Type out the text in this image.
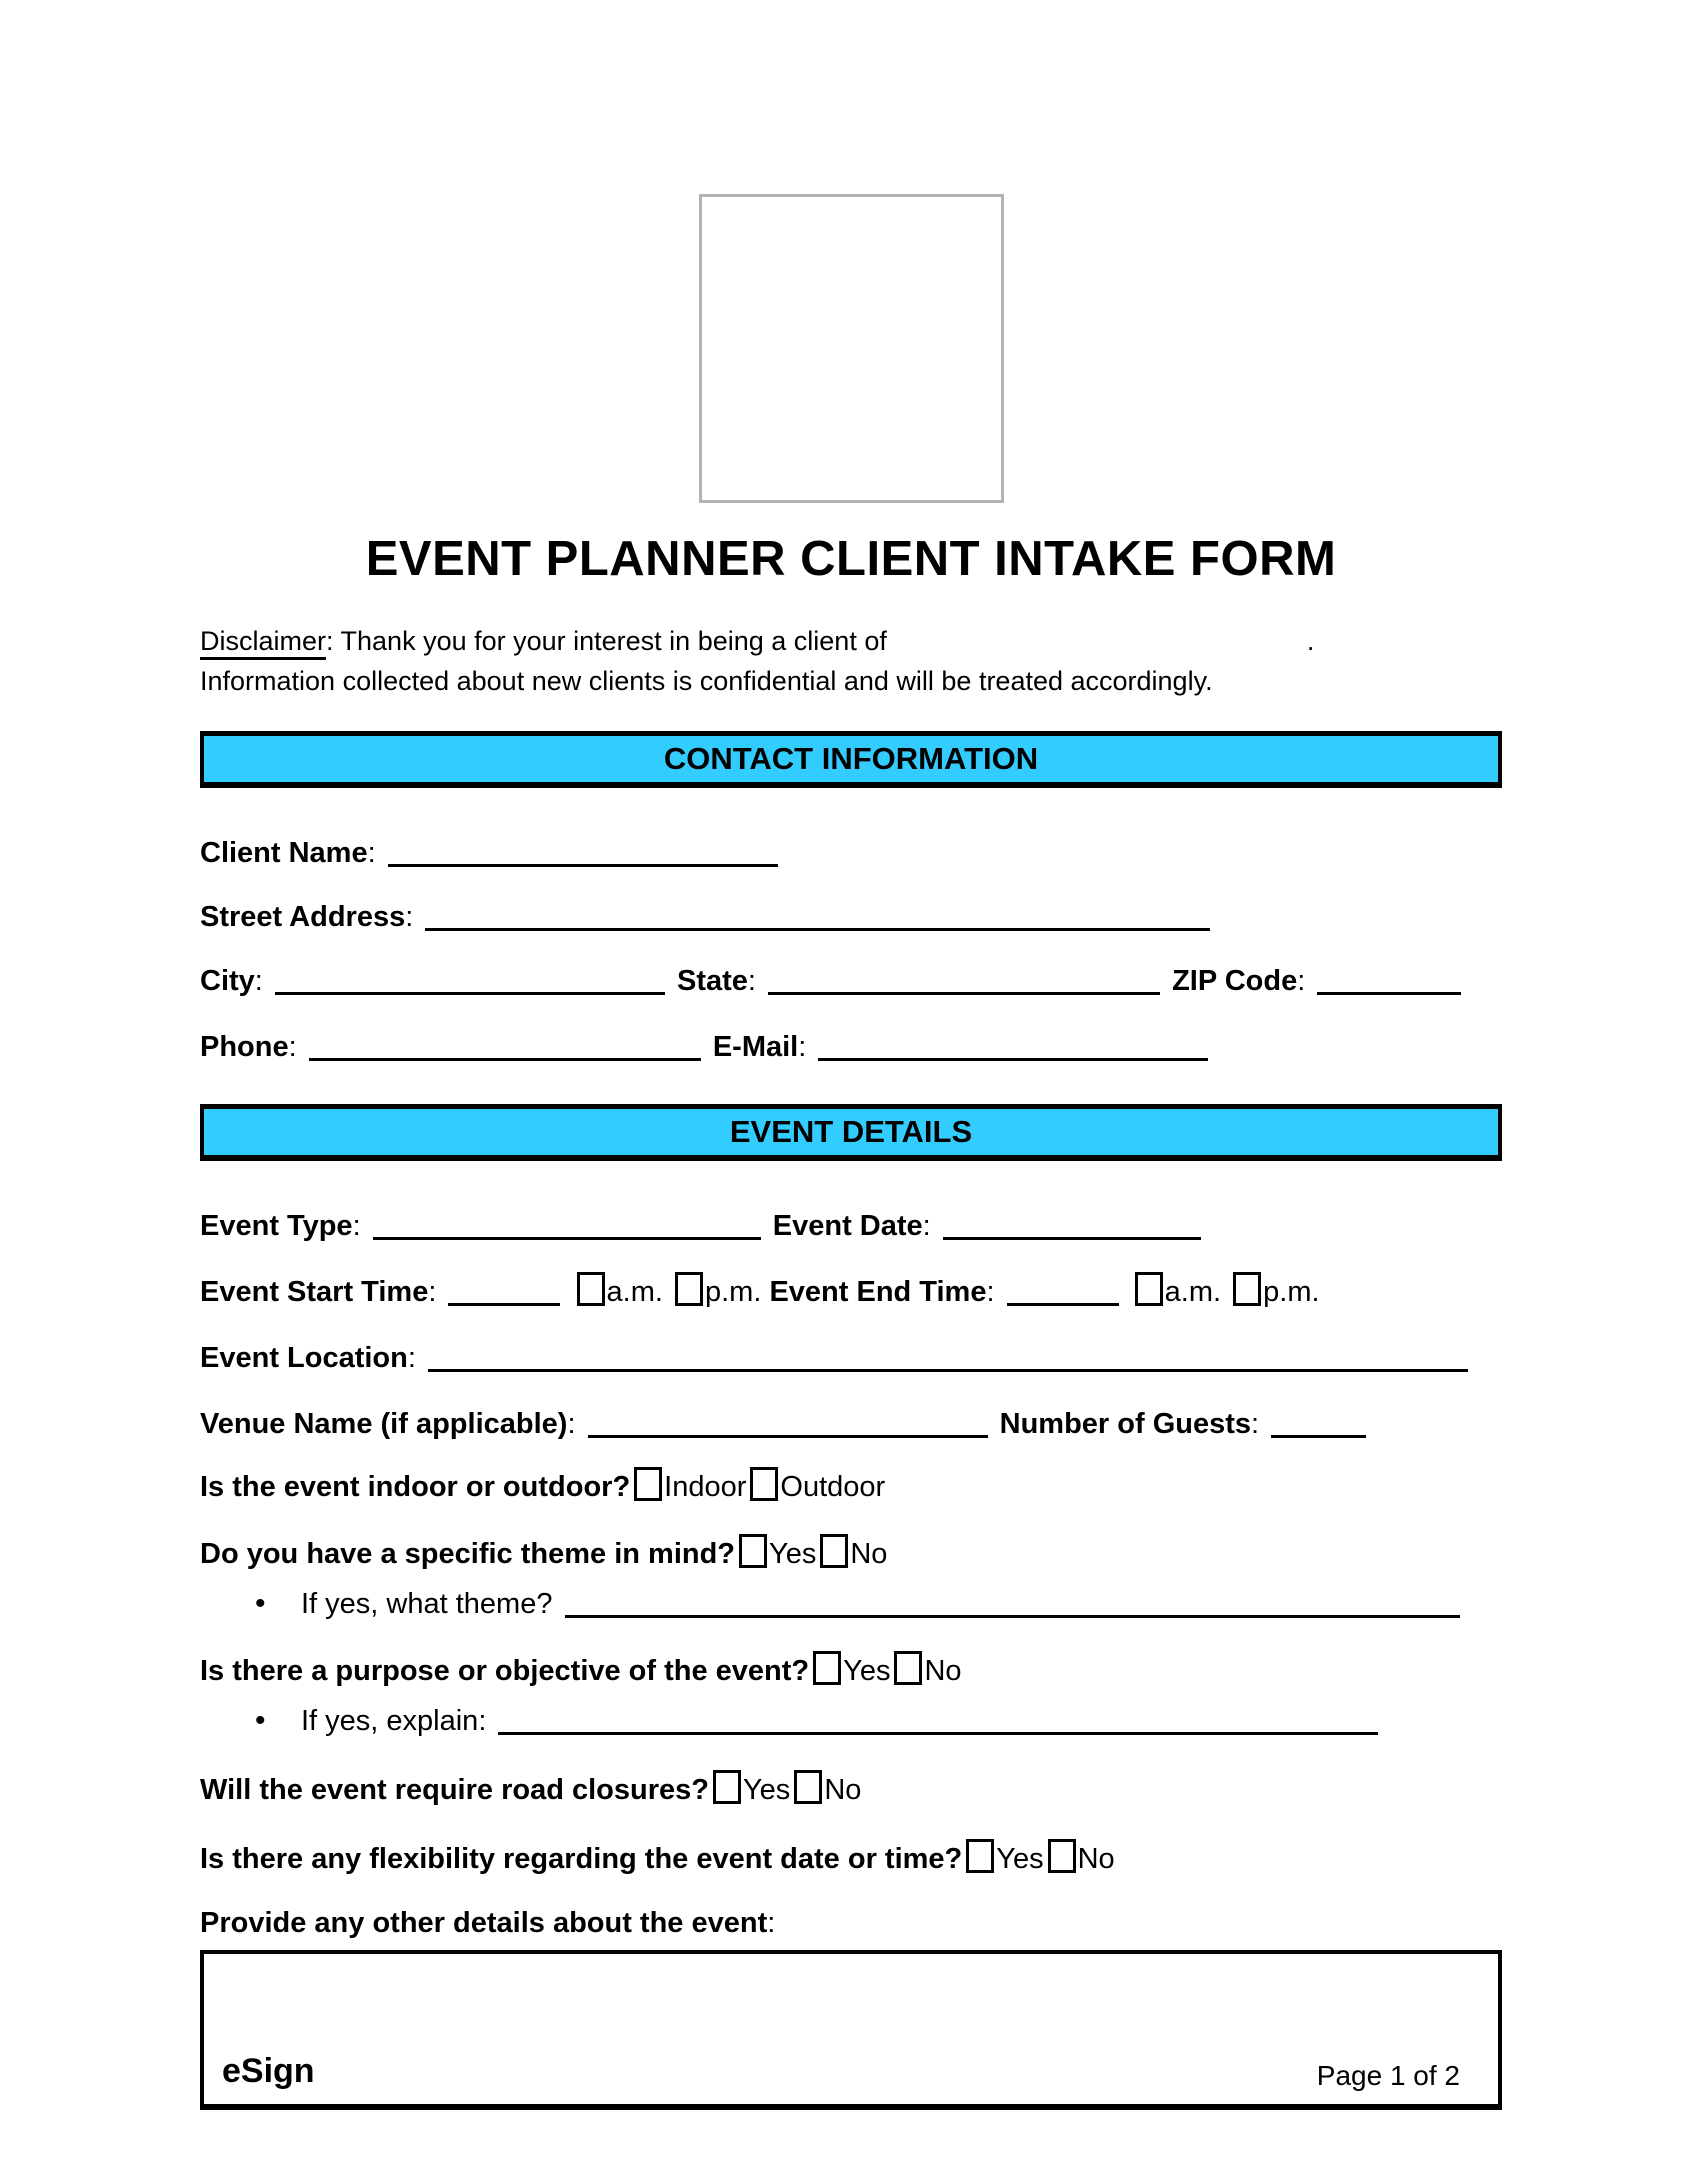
EVENT PLANNER CLIENT INTAKE FORM
Disclaimer: Thank you for your interest in being a client of	.
Information collected about new clients is confidential and will be treated accordingly.
CONTACT INFORMATION
Client Name:
Street Address:
City:	State:	ZIP Code:
Phone:	E-Mail:
EVENT DETAILS
Event Type:	Event Date:
Event Start Time:	a.m. p.m. Event End Time:	a.m. p.m.
Event Location:
Venue Name (if applicable):	Number of Guests:
Is the event indoor or outdoor? Indoor Outdoor
Do you have a specific theme in mind? Yes No
• If yes, what theme?
Is there a purpose or objective of the event? Yes No
• If yes, explain:
Will the event require road closures? Yes No
Is there any flexibility regarding the event date or time? Yes No
Provide any other details about the event:
eSign	Page 1 of 2
